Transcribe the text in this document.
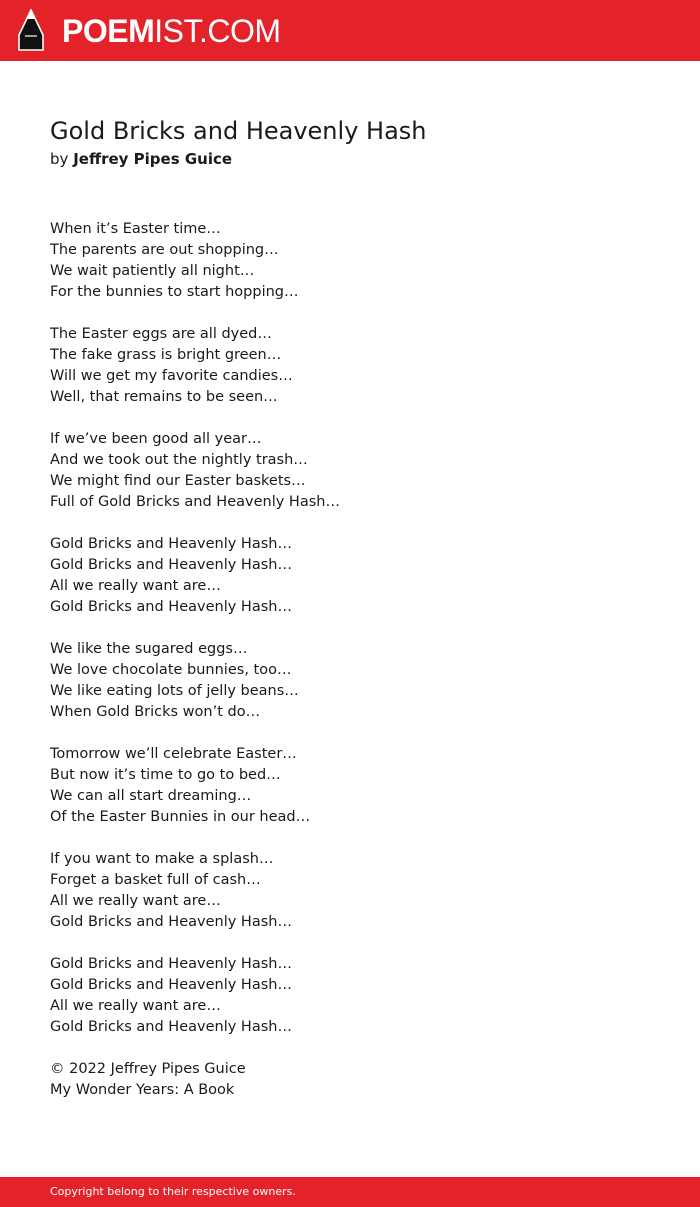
POEMIST.COM
Gold Bricks and Heavenly Hash
by Jeffrey Pipes Guice
When it’s Easter time…
The parents are out shopping…
We wait patiently all night…
For the bunnies to start hopping…
The Easter eggs are all dyed…
The fake grass is bright green…
Will we get my favorite candies…
Well, that remains to be seen…
If we’ve been good all year…
And we took out the nightly trash…
We might find our Easter baskets…
Full of Gold Bricks and Heavenly Hash…
Gold Bricks and Heavenly Hash…
Gold Bricks and Heavenly Hash…
All we really want are…
Gold Bricks and Heavenly Hash…
We like the sugared eggs…
We love chocolate bunnies, too…
We like eating lots of jelly beans…
When Gold Bricks won’t do…
Tomorrow we’ll celebrate Easter…
But now it’s time to go to bed…
We can all start dreaming…
Of the Easter Bunnies in our head…
If you want to make a splash…
Forget a basket full of cash…
All we really want are…
Gold Bricks and Heavenly Hash…
Gold Bricks and Heavenly Hash…
Gold Bricks and Heavenly Hash…
All we really want are…
Gold Bricks and Heavenly Hash…
© 2022 Jeffrey Pipes Guice
My Wonder Years: A Book
Copyright belong to their respective owners.
